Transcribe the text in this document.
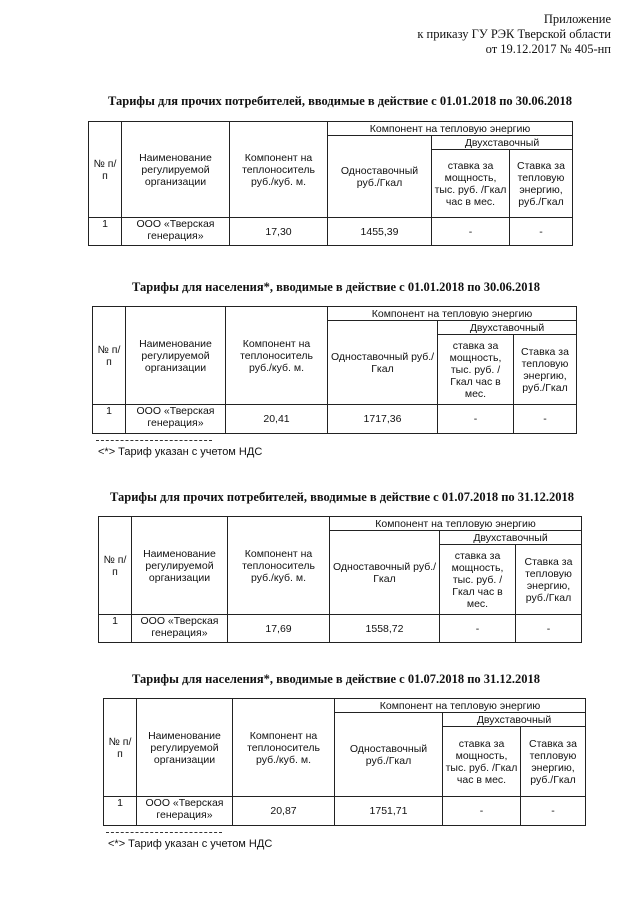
Приложение
к приказу ГУ РЭК Тверской области
от 19.12.2017 № 405-нп
Тарифы для прочих потребителей, вводимые в действие с 01.01.2018 по 30.06.2018
№ п/п	Наименование регулируемой организации	Компонент на теплоноситель руб./куб. м.	Компонент на тепловую энергию		
			Одноставочный руб./Гкал	Двухставочный	
				ставка за мощность, тыс. руб. /Гкал час в мес.	Ставка за тепловую энергию, руб./Гкал
1	ООО «Тверская генерация»	17,30	1455,39	-	-
Тарифы для населения*, вводимые в действие с 01.01.2018 по 30.06.2018
№ п/п	Наименование регулируемой организации	Компонент на теплоноситель руб./куб. м.	Компонент на тепловую энергию		
			Одноставочный руб./Гкал	Двухставочный	
				ставка за мощность, тыс. руб. /Гкал час в мес.	Ставка за тепловую энергию, руб./Гкал
1	ООО «Тверская генерация»	20,41	1717,36	-	-
<*> Тариф указан с учетом НДС
Тарифы для прочих потребителей, вводимые в действие с 01.07.2018 по 31.12.2018
№ п/п	Наименование регулируемой организации	Компонент на теплоноситель руб./куб. м.	Компонент на тепловую энергию		
			Одноставочный руб./Гкал	Двухставочный	
				ставка за мощность, тыс. руб. /Гкал час в мес.	Ставка за тепловую энергию, руб./Гкал
1	ООО «Тверская генерация»	17,69	1558,72	-	-
Тарифы для населения*, вводимые в действие с 01.07.2018 по 31.12.2018
№ п/п	Наименование регулируемой организации	Компонент на теплоноситель руб./куб. м.	Компонент на тепловую энергию		
			Одноставочный руб./Гкал	Двухставочный	
				ставка за мощность, тыс. руб. /Гкал час в мес.	Ставка за тепловую энергию, руб./Гкал
1	ООО «Тверская генерация»	20,87	1751,71	-	-
<*> Тариф указан с учетом НДС
